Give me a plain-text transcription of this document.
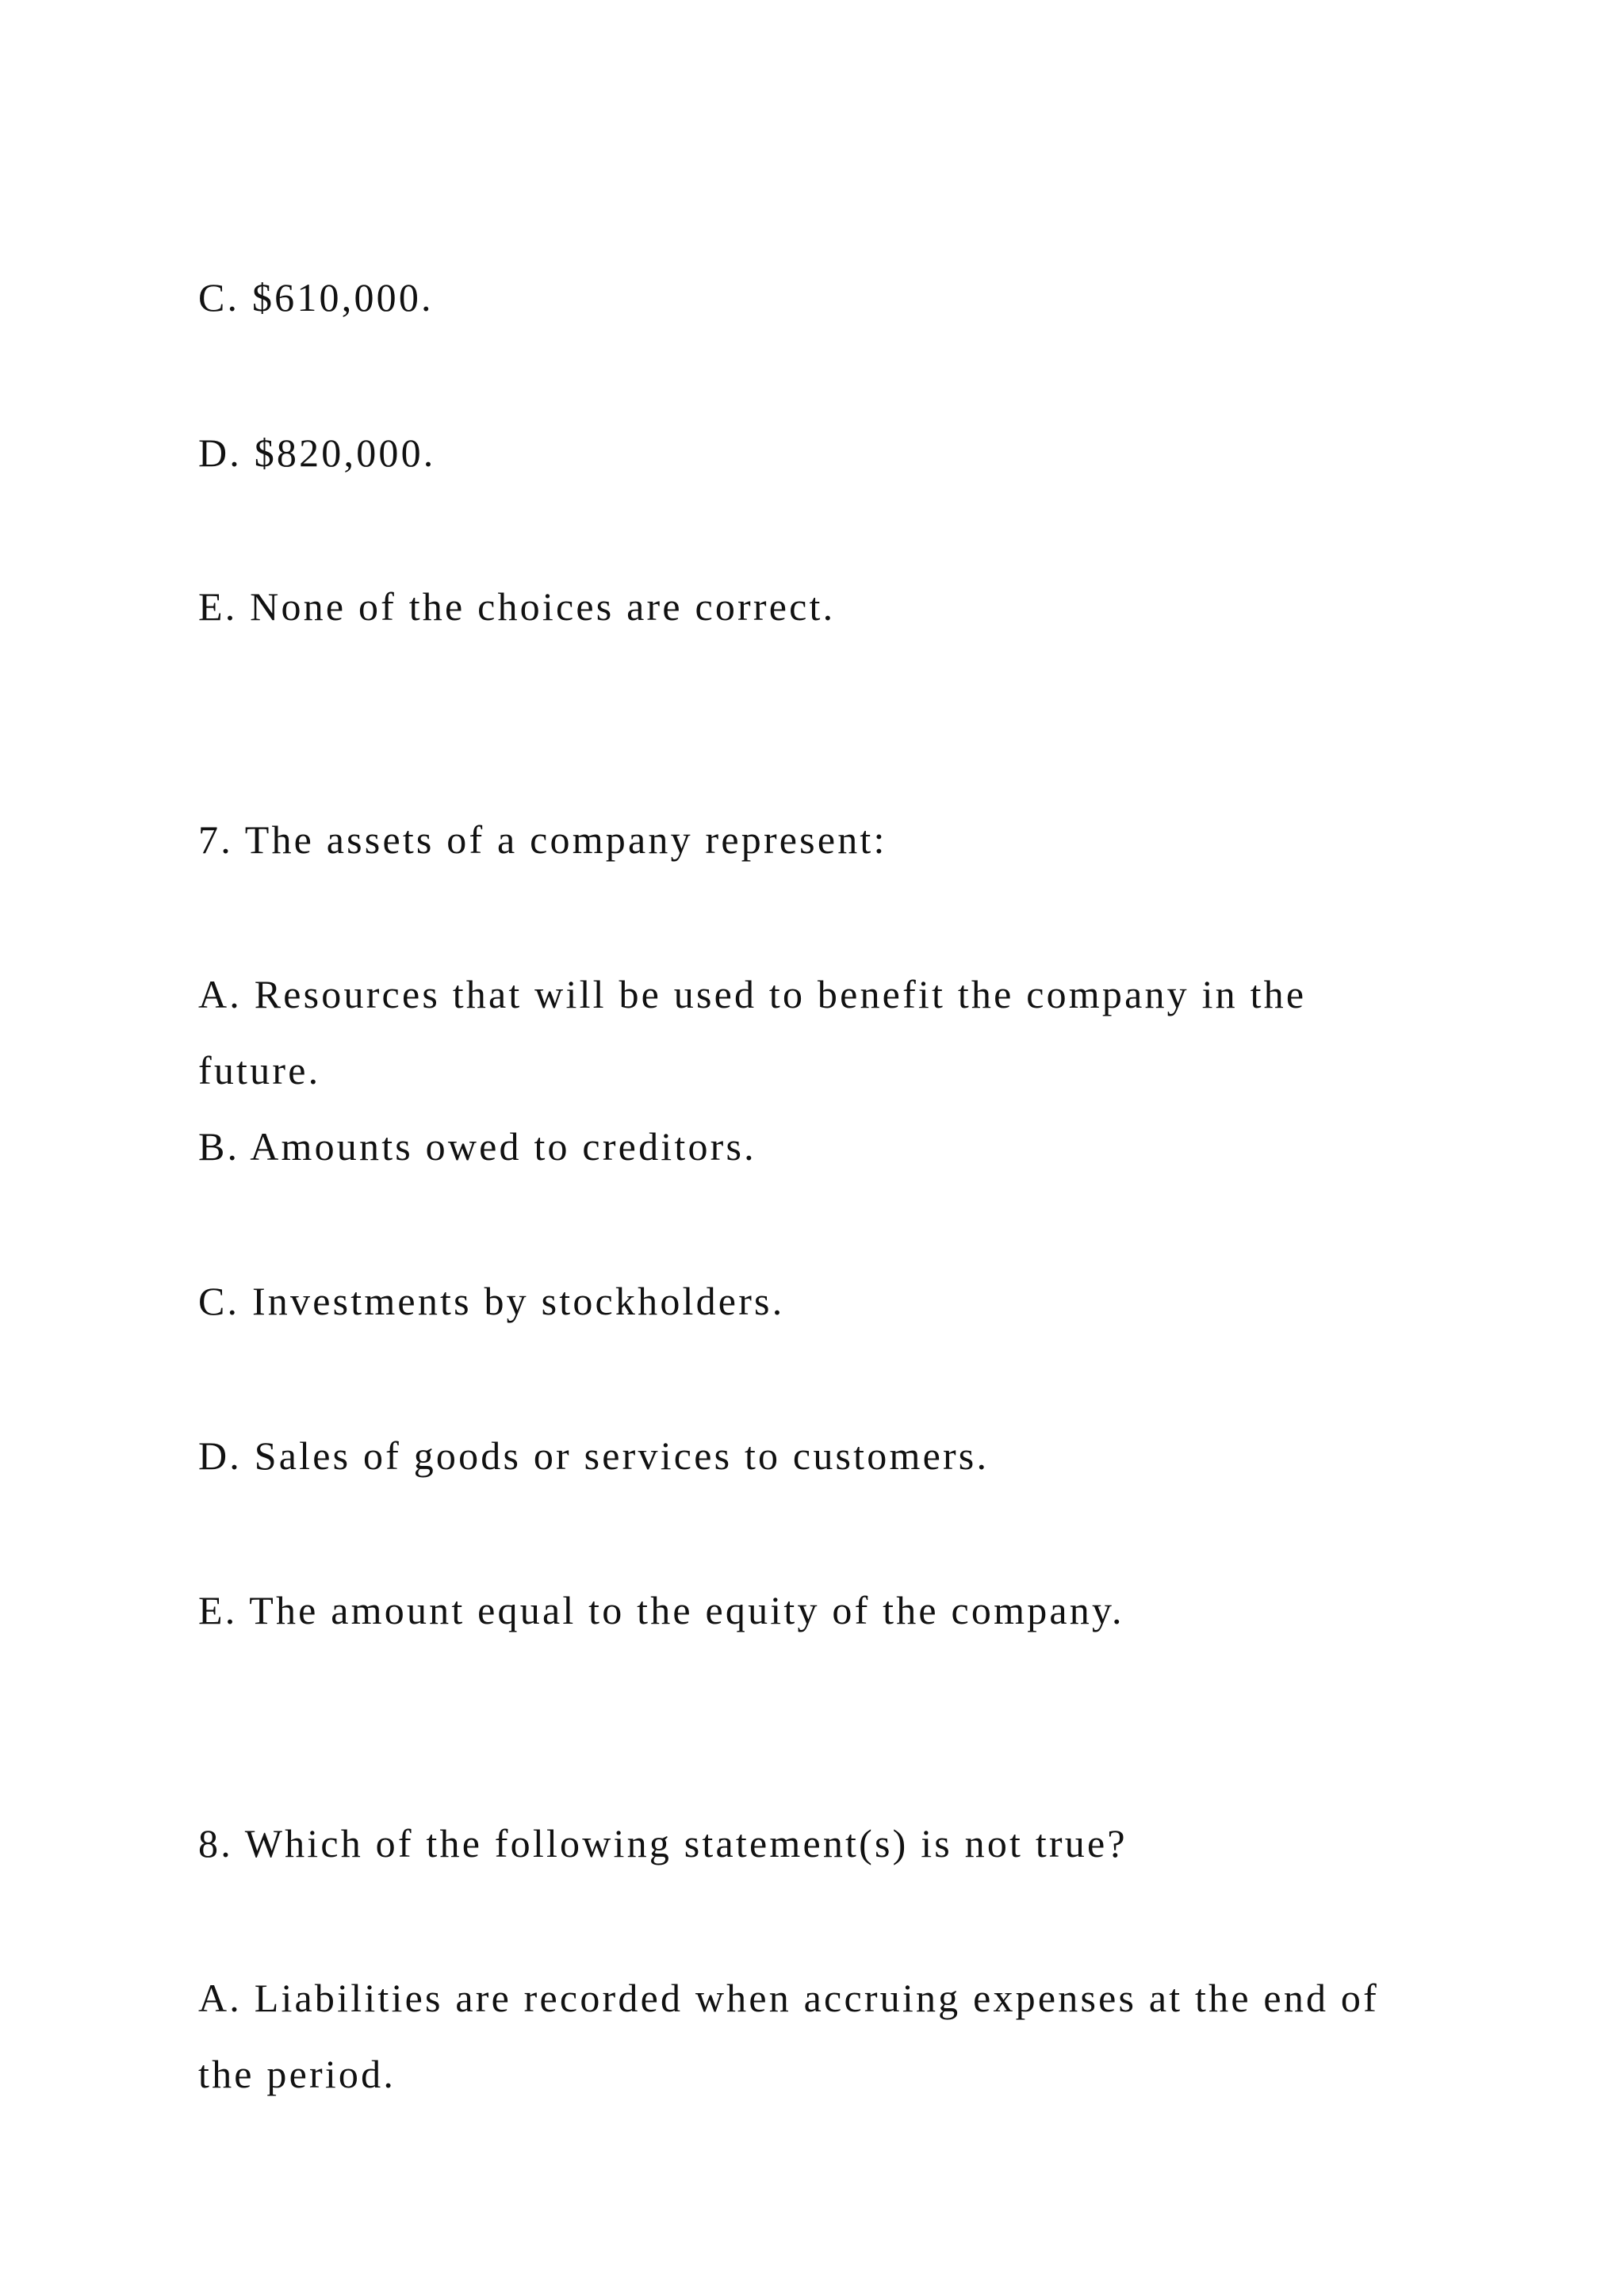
C. $610,000.

D. $820,000.

E. None of the choices are correct.

7. The assets of a company represent:

A. Resources that will be used to benefit the company in the

future.

B. Amounts owed to creditors.

C. Investments by stockholders.

D. Sales of goods or services to customers.

E. The amount equal to the equity of the company.

8. Which of the following statement(s) is not true?

A. Liabilities are recorded when accruing expenses at the end of

the period.
